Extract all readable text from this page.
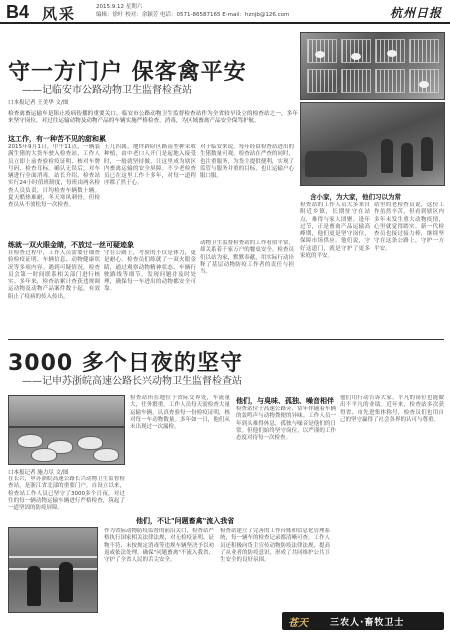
B4 风采	2015.9.12 星期六
编辑：徐叶 校对：余颖芳 电话：0571-86587165 E-mail：hznjb@126.com	杭州日报
守一方门户 保客禽平安
——记临安市公路动物卫生监督检查站
口本报记者 王美华 文/图
检查禽畜运输车是阻止疫病传播的重要关口，临安市公路动物卫生监督检查站作为全省较早设立的检查站之一，多年来坚守岗位，对过往运输动物及动物产品的车辆实施严格检查、消毒，为区域畜禽产品安全保驾护航。
这工作，有一种苦不见的甜和累
2015年9月1日，中午11点，一辆装满生猪的大货车驶入检查站，工作人员立即上前查验检疫证明、核对车牌号码、检查耳标。确认无误后，对车辆进行全面消毒。站长介绍，检查站实行24小时值班制度，每班由两名检查人员负责，日均检查车辆数十辆。夏天酷热难耐，冬天寒风刺骨，但检查员从不放松每一次检查。
王几四属，地坪辟险区路南型种采收种植，由中老口人开门是起地入接受时，一般就坚持做，让这里成为辖区内畜禽运输的安全屏障。不少老检查员已在这里工作十多年，对每一道程序都了然于心。
对于临安来说，每年经由检查站进出的生猪数量可观。检查站在严查的同时，也注重服务，为货主提供便利，实现了监管与服务并重的目标，也让运输户心服口服。
练就一双火眼金睛，不放过一丝可疑迹象
在检查过程中，工作人员需要仔细查验检疫证明、车辆信息、动物健康状况等多项内容。遇到可疑情况，检查员会第一时间联系相关部门进行核实。多年来，检查站累计查获违规调运动物及动物产品案件数十起，有效阻止了疫病的传入传出。
守在公路上，考验的不仅是体力，更是耐心。检查员们练就了一双火眼金睛，通过观察动物精神状态、车辆行驶路线等细节，发现问题并及时处理，确保每一车进出的动物都安全可靠。
动物卫生监督检查站的工作看似平常，却关系着千家万户的餐桌安全。检查员们以站为家，默默奉献，用实际行动诠释了基层动物防疫工作者的责任与担当。
含小家，为大家，他们习以为常
检查站的工作人员大多来自附近乡镇，长期驻守在站点，难得与家人团聚。逢年过节，正是畜禽产品运输高峰期，他们更是坚守岗位，保障市场供应。他们说，守好这道门，就是守护了更多家庭的平安。
站里的老检查员说，这份工作虽然辛苦，但看到辖区内多年未发生重大动物疫情，心里就觉得踏实。新一代检查员也接过接力棒，继续坚守在这条公路上，守护一方平安。
3000 多个日夜的坚守
——记申苏浙皖高速公路长兴动物卫生监督检查站
口本报记者 施力尽 文/图
在长兴，申苏浙皖高速公路长兴动物卫生监督检查站，是浙江省北部的重要门户。自设立以来，检查站工作人员已坚守了3000多个日夜，对过往的每一辆动物运输车辆进行严格检查，筑起了一道坚固的防疫屏障。
检查站所在地位于省际交界处，车流量大，任务繁重。工作人员每天需检查大量运输车辆，认真查验每一份检疫证明，核对每一车动物数量。多年如一日，他们从未出现过一次漏检。
他们，与臭味、孤独、噪音相伴
检查站位于高速公路旁，常年伴随着车辆的轰鸣声与动物粪便的异味。工作人员一年到头难得休息，孤独与噪音是他们的日常。但他们始终坚守岗位，以严谨的工作态度对待每一次检查。
他们用行动告诉大家，平凡的岗位也能做出不平凡的业绩。近年来，检查站多次获得省、市先进集体称号，检查员们也用自己的坚守赢得了社会各界的认可与尊重。
他们，不让"问题畜禽"流入我省
作为省际动物防疫监督的前沿关口，检查站严格执行国家相关法律法规，对无检疫证明、证物不符、未按规定消毒等违规车辆坚决予以劝返或依法处理，确保"问题畜禽"不流入我省，守护了全省人民的舌尖安全。
检查站建立了完善的工作台账和信息化管理系统，每一辆车的检查记录都清晰可查。工作人员还积极向货主宣传动物防疫法律法规，提高了从业者的防疫意识，形成了共同维护公共卫生安全的良好氛围。
苍天 三农人·畜牧卫士
